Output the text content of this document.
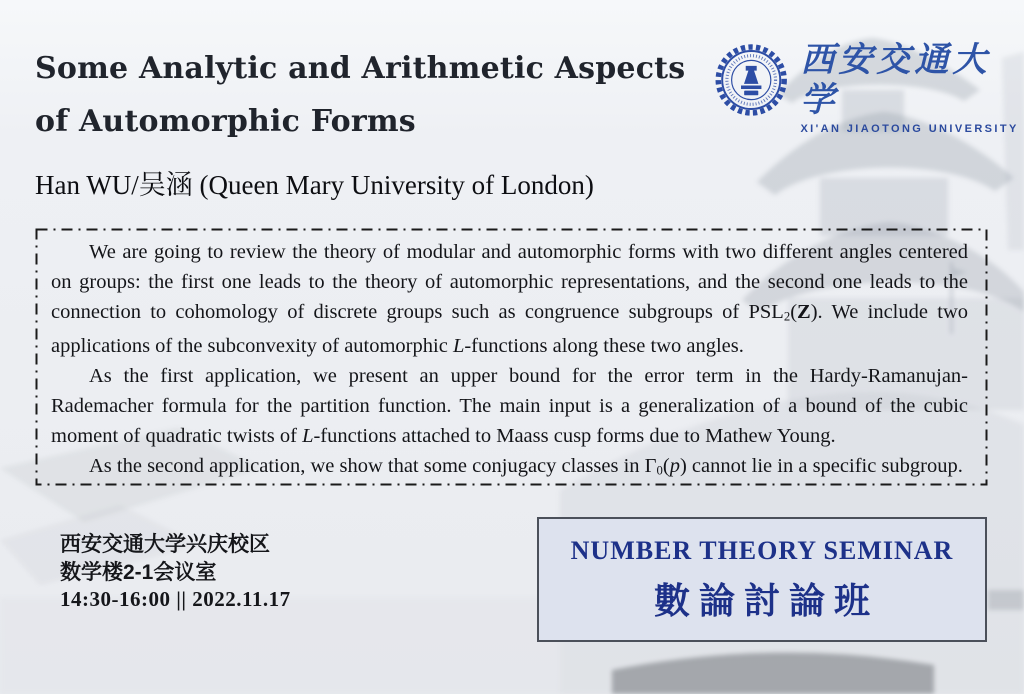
Some Analytic and Arithmetic Aspects
of Automorphic Forms
Han WU/吴涵 (Queen Mary University of London)
西安交通大学
XI'AN JIAOTONG UNIVERSITY

We are going to review the theory of modular and automorphic forms with two different angles centered on groups: the first one leads to the theory of automorphic representations, and the second one leads to the connection to cohomology of discrete groups such as congruence subgroups of PSL2(Z). We include two applications of the subconvexity of automorphic L-functions along these two angles.

As the first application, we present an upper bound for the error term in the Hardy-Ramanujan-Rademacher formula for the partition function. The main input is a generalization of a bound of the cubic moment of quadratic twists of L-functions attached to Maass cusp forms due to Mathew Young.

As the second application, we show that some conjugacy classes in Γ0(p) cannot lie in a specific subgroup.

西安交通大学兴庆校区
数学楼2-1会议室
14:30-16:00 || 2022.11.17
NUMBER THEORY SEMINAR
數論討論班
